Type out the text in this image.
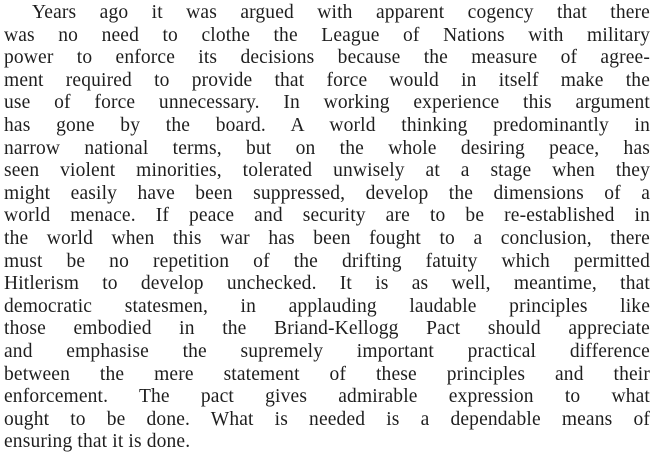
Years ago it was argued with apparent cogency that there
was no need to clothe the League of Nations with military
power to enforce its decisions because the measure of agree-
ment required to provide that force would in itself make the
use of force unnecessary. In working experience this argument
has gone by the board. A world thinking predominantly in
narrow national terms, but on the whole desiring peace, has
seen violent minorities, tolerated unwisely at a stage when they
might easily have been suppressed, develop the dimensions of a
world menace. If peace and security are to be re-established in
the world when this war has been fought to a conclusion, there
must be no repetition of the drifting fatuity which permitted
Hitlerism to develop unchecked. It is as well, meantime, that
democratic statesmen, in applauding laudable principles like
those embodied in the Briand-Kellogg Pact should appreciate
and emphasise the supremely important practical difference
between the mere statement of these principles and their
enforcement. The pact gives admirable expression to what
ought to be done. What is needed is a dependable means of
ensuring that it is done.
